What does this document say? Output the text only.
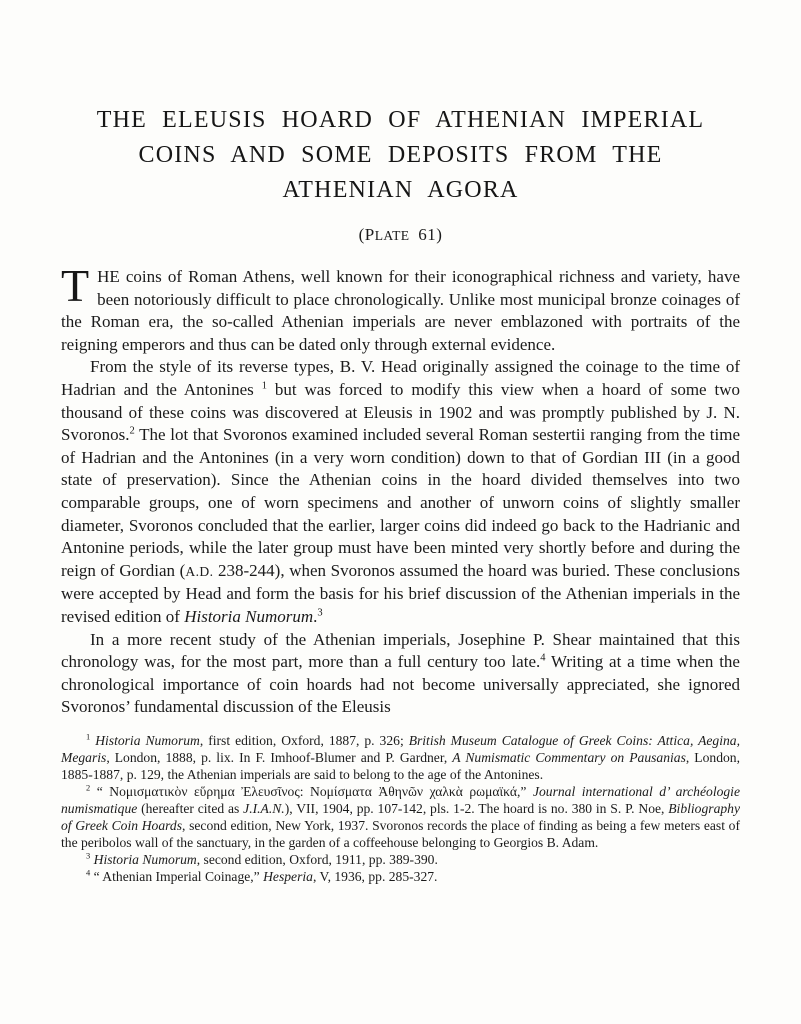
THE ELEUSIS HOARD OF ATHENIAN IMPERIAL
COINS AND SOME DEPOSITS FROM THE
ATHENIAN AGORA
(PLATE 61)

THE coins of Roman Athens, well known for their iconographical richness and variety, have been notoriously difficult to place chronologically. Unlike most municipal bronze coinages of the Roman era, the so-called Athenian imperials are never emblazoned with portraits of the reigning emperors and thus can be dated only through external evidence.

From the style of its reverse types, B. V. Head originally assigned the coinage to the time of Hadrian and the Antonines $^1$ but was forced to modify this view when a hoard of some two thousand of these coins was discovered at Eleusis in 1902 and was promptly published by J. N. Svoronos.$^2$ The lot that Svoronos examined included several Roman sestertii ranging from the time of Hadrian and the Antonines (in a very worn condition) down to that of Gordian III (in a good state of preservation). Since the Athenian coins in the hoard divided themselves into two comparable groups, one of worn specimens and another of unworn coins of slightly smaller diameter, Svoronos concluded that the earlier, larger coins did indeed go back to the Hadrianic and Antonine periods, while the later group must have been minted very shortly before and during the reign of Gordian (A.D. 238-244), when Svoronos assumed the hoard was buried. These conclusions were accepted by Head and form the basis for his brief discussion of the Athenian imperials in the revised edition of Historia Numorum.$^3$

In a more recent study of the Athenian imperials, Josephine P. Shear maintained that this chronology was, for the most part, more than a full century too late.$^4$ Writing at a time when the chronological importance of coin hoards had not become universally appreciated, she ignored Svoronos’ fundamental discussion of the Eleusis

$^1$ Historia Numorum, first edition, Oxford, 1887, p. 326; British Museum Catalogue of Greek Coins: Attica, Aegina, Megaris, London, 1888, p. lix. In F. Imhoof-Blumer and P. Gardner, A Numismatic Commentary on Pausanias, London, 1885-1887, p. 129, the Athenian imperials are said to belong to the age of the Antonines.

$^2$ “ Νομισματικὸν εὕρημα Ἐλευσῖνος: Νομίσματα Ἀθηνῶν χαλκὰ ρωμαϊκά,” Journal international d’ archéologie numismatique (hereafter cited as J.I.A.N.), VII, 1904, pp. 107-142, pls. 1-2. The hoard is no. 380 in S. P. Noe, Bibliography of Greek Coin Hoards, second edition, New York, 1937. Svoronos records the place of finding as being a few meters east of the peribolos wall of the sanctuary, in the garden of a coffeehouse belonging to Georgios B. Adam.

$^3$ Historia Numorum, second edition, Oxford, 1911, pp. 389-390.

$^4$ “ Athenian Imperial Coinage,” Hesperia, V, 1936, pp. 285-327.
